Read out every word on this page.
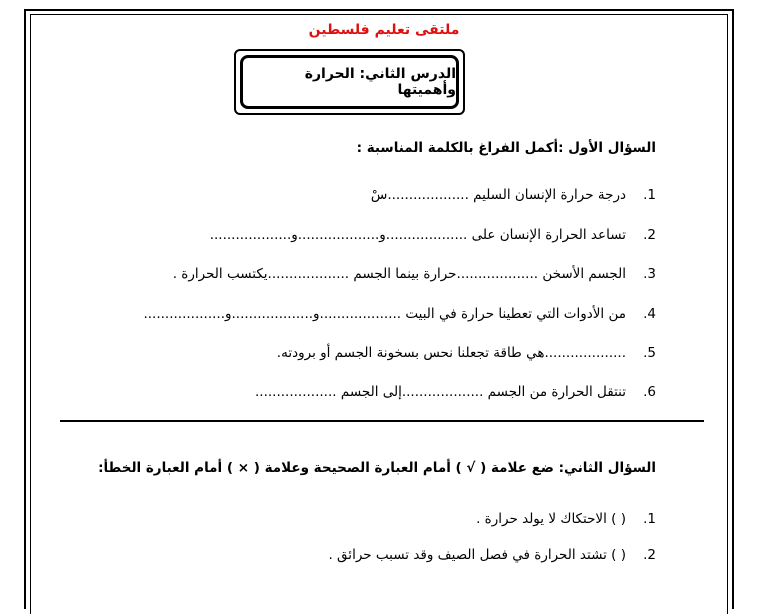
ملتقى تعليم فلسطين
الدرس الثاني: الحرارة وأهميتها
السؤال الأول :أكمل الفراغ بالكلمة المناسبة :
1.
درجة حرارة الإنسان السليم ...................سْ
2.
تساعد الحرارة الإنسان على ...................و...................و...................
3.
الجسم الأسخن ...................حرارة بينما الجسم ...................يكتسب الحرارة .
4.
من الأدوات التي تعطينا حرارة في البيت ...................و...................و...................
5.
...................هي طاقة تجعلنا نحس بسخونة الجسم أو برودته.
6.
تنتقل الحرارة من الجسم ...................إلى الجسم ...................
السؤال الثاني: ضع علامة ( √ ) أمام العبارة الصحيحة وعلامة ( × ) أمام العبارة الخطأ:
1.
( ) الاحتكاك لا يولد حرارة .
2.
( ) تشتد الحرارة في فصل الصيف وقد تسبب حرائق .
